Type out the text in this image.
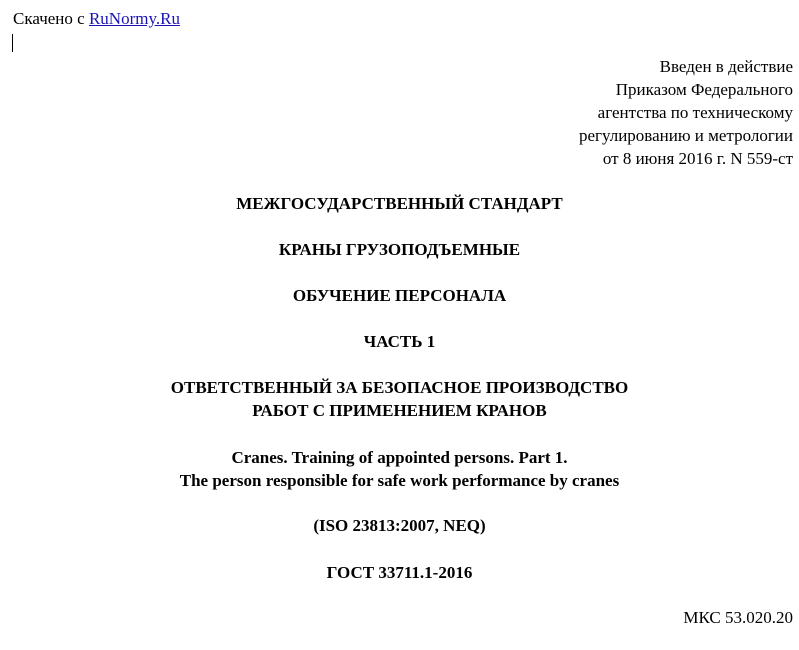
Скачено с RuNormy.Ru
Введен в действие
Приказом Федерального
агентства по техническому
регулированию и метрологии
от 8 июня 2016 г. N 559-ст
МЕЖГОСУДАРСТВЕННЫЙ СТАНДАРТ
КРАНЫ ГРУЗОПОДЪЕМНЫЕ
ОБУЧЕНИЕ ПЕРСОНАЛА
ЧАСТЬ 1
ОТВЕТСТВЕННЫЙ ЗА БЕЗОПАСНОЕ ПРОИЗВОДСТВО
РАБОТ С ПРИМЕНЕНИЕМ КРАНОВ
Cranes. Training of appointed persons. Part 1.
The person responsible for safe work performance by cranes
(ISO 23813:2007, NEQ)
ГОСТ 33711.1-2016
МКС 53.020.20
